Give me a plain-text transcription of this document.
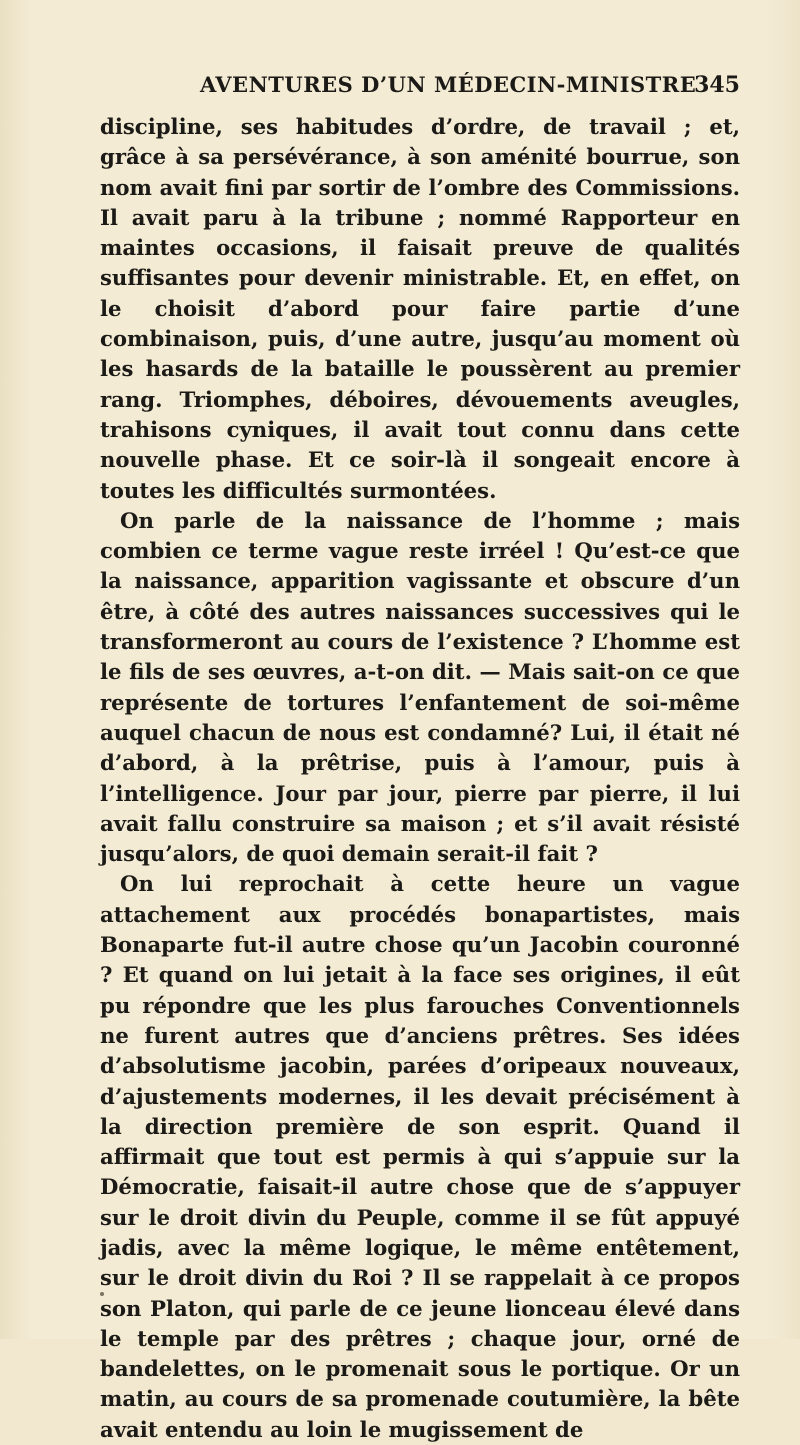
AVENTURES D’UN MÉDECIN-MINISTRE
345

discipline, ses habitudes d’ordre, de travail ; et, grâce à sa persévérance, à son aménité bourrue, son nom avait fini par sortir de l’ombre des Commissions. Il avait paru à la tribune ; nommé Rapporteur en maintes occasions, il faisait preuve de qualités suffisantes pour devenir ministrable. Et, en effet, on le choisit d’abord pour faire partie d’une combinaison, puis, d’une autre, jusqu’au moment où les hasards de la bataille le poussèrent au premier rang. Triomphes, déboires, dévouements aveugles, trahisons cyniques, il avait tout connu dans cette nouvelle phase. Et ce soir-là il songeait encore à toutes les difficultés surmontées.

On parle de la naissance de l’homme ; mais combien ce terme vague reste irréel ! Qu’est-ce que la naissance, apparition vagissante et obscure d’un être, à côté des autres naissances successives qui le transformeront au cours de l’existence ? L’homme est le fils de ses œuvres, a-t-on dit. — Mais sait-on ce que représente de tortures l’enfantement de soi-même auquel chacun de nous est condamné? Lui, il était né d’abord, à la prêtrise, puis à l’amour, puis à l’intelligence. Jour par jour, pierre par pierre, il lui avait fallu construire sa maison ; et s’il avait résisté jusqu’alors, de quoi demain serait-il fait ?

On lui reprochait à cette heure un vague attachement aux procédés bonapartistes, mais Bonaparte fut-il autre chose qu’un Jacobin couronné ? Et quand on lui jetait à la face ses origines, il eût pu répondre que les plus farouches Conventionnels ne furent autres que d’anciens prêtres. Ses idées d’absolutisme jacobin, parées d’oripeaux nouveaux, d’ajustements modernes, il les devait précisément à la direction première de son esprit. Quand il affirmait que tout est permis à qui s’appuie sur la Démocratie, faisait-il autre chose que de s’appuyer sur le droit divin du Peuple, comme il se fût appuyé jadis, avec la même logique, le même entêtement, sur le droit divin du Roi ? Il se rappelait à ce propos son Platon, qui parle de ce jeune lionceau élevé dans le temple par des prêtres ; chaque jour, orné de bandelettes, on le promenait sous le portique. Or un matin, au cours de sa promenade coutumière, la bête avait entendu au loin le mugissement de
